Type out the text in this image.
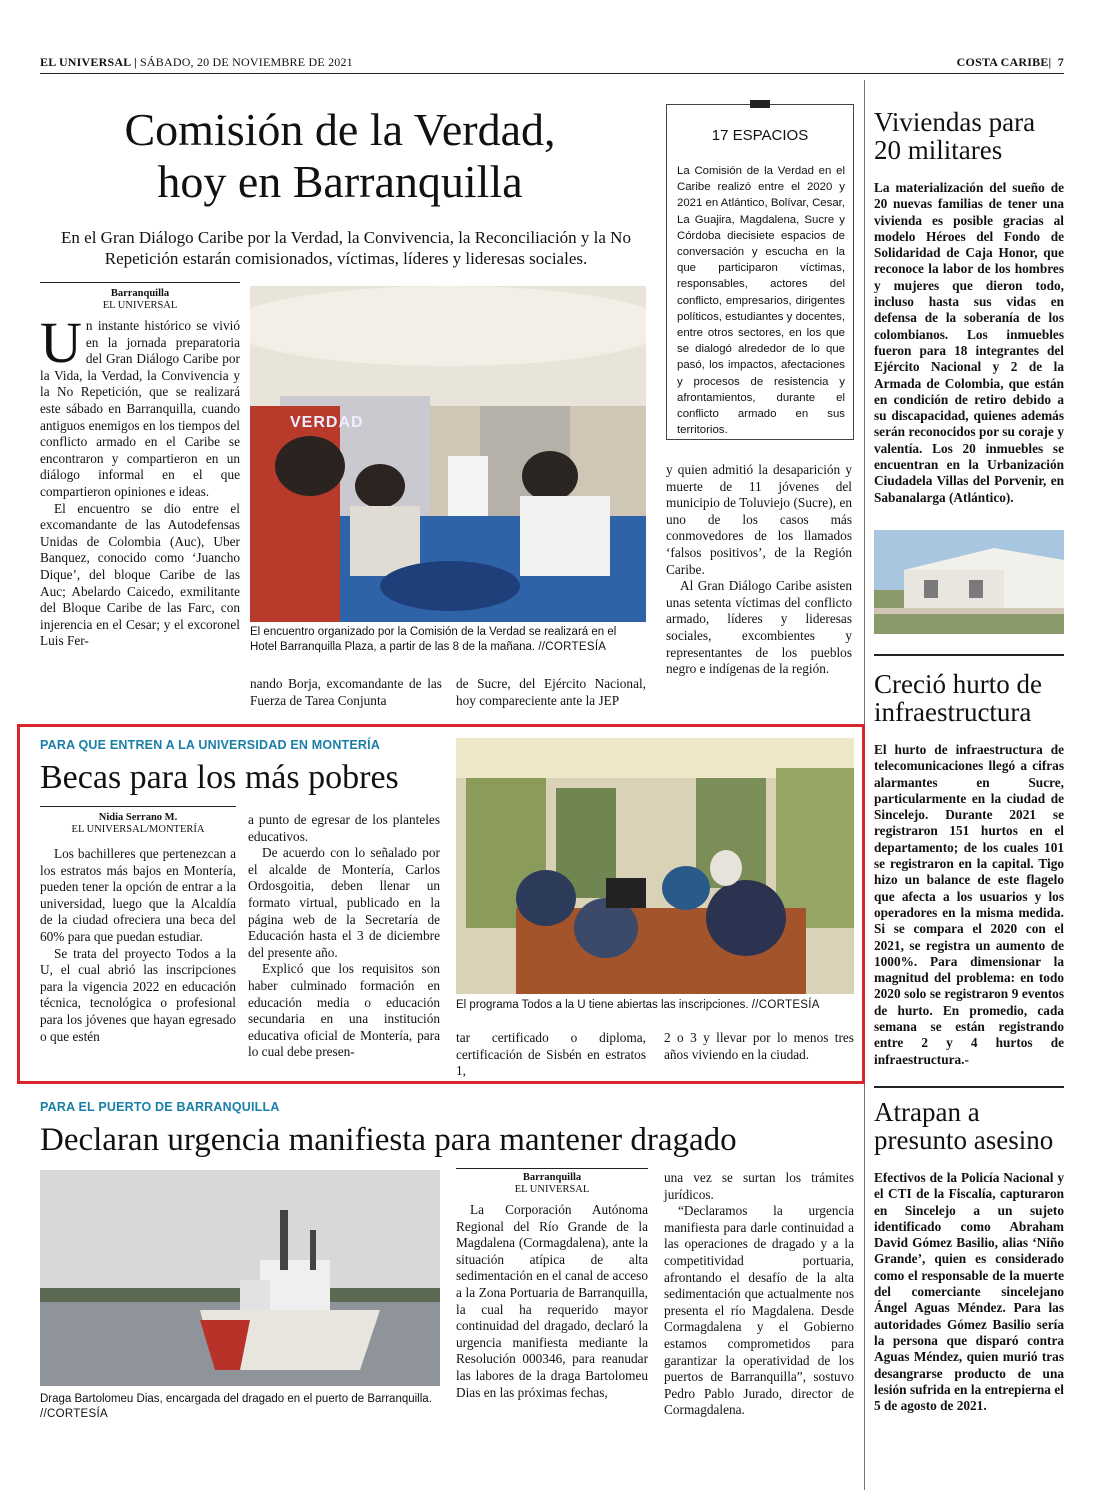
EL UNIVERSAL | SÁBADO, 20 DE NOVIEMBRE DE 2021	COSTA CARIBE|  7
Comisión de la Verdad,
hoy en Barranquilla
En el Gran Diálogo Caribe por la Verdad, la Convivencia, la Reconciliación y la No Repetición estarán comisionados, víctimas, líderes y lideresas sociales.
Barranquilla
EL UNIVERSAL

Un instante histórico se vivió en la jornada preparatoria del Gran Diálogo Caribe por la Vida, la Verdad, la Convivencia y la No Repetición, que se realizará este sábado en Barranquilla, cuando antiguos enemigos en los tiempos del conflicto armado en el Caribe se encontraron y compartieron en un diálogo informal en el que compartieron opiniones e ideas.

El encuentro se dio entre el excomandante de las Autodefensas Unidas de Colombia (Auc), Uber Banquez, conocido como ‘Juancho Dique’, del bloque Caribe de las Auc; Abelardo Caicedo, exmilitante del Bloque Caribe de las Farc, con injerencia en el Cesar; y el excoronel Luis Fer-

VERDAD
El encuentro organizado por la Comisión de la Verdad se realizará en el Hotel Barranquilla Plaza, a partir de las 8 de la mañana. //CORTESÍA
nando Borja, excomandante de las Fuerza de Tarea Conjunta
de Sucre, del Ejército Nacional, hoy compareciente ante la JEP
17 ESPACIOS
La Comisión de la Verdad en el Caribe realizó entre el 2020 y 2021 en Atlántico, Bolívar, Cesar, La Guajira, Magdalena, Sucre y Córdoba diecisiete espacios de conversación y escucha en la que participaron víctimas, responsables, actores del conflicto, empresarios, dirigentes políticos, estudiantes y docentes, entre otros sectores, en los que se dialogó alrededor de lo que pasó, los impactos, afectaciones y procesos de resistencia y afrontamientos, durante el conflicto armado en sus territorios.

y quien admitió la desaparición y muerte de 11 jóvenes del municipio de Toluviejo (Sucre), en uno de los casos más conmovedores de los llamados ‘falsos positivos’, de la Región Caribe.

Al Gran Diálogo Caribe asisten unas setenta víctimas del conflicto armado, líderes y lideresas sociales, excombientes y representantes de los pueblos negro e indígenas de la región.

Viviendas para
20 militares
La materialización del sueño de 20 nuevas familias de tener una vivienda es posible gracias al modelo Héroes del Fondo de Solidaridad de Caja Honor, que reconoce la labor de los hombres y mujeres que dieron todo, incluso hasta sus vidas en defensa de la soberanía de los colombianos. Los inmuebles fueron para 18 integrantes del Ejército Nacional y 2 de la Armada de Colombia, que están en condición de retiro debido a su discapacidad, quienes además serán reconocidos por su coraje y valentía. Los 20 inmuebles se encuentran en la Urbanización Ciudadela Villas del Porvenir, en Sabanalarga (Atlántico).
Creció hurto de
infraestructura
El hurto de infraestructura de telecomunicaciones llegó a cifras alarmantes en Sucre, particularmente en la ciudad de Sincelejo. Durante 2021 se registraron 151 hurtos en el departamento; de los cuales 101 se registraron en la capital. Tigo hizo un balance de este flagelo que afecta a los usuarios y los operadores en la misma medida. Si se compara el 2020 con el 2021, se registra un aumento de 1000%. Para dimensionar la magnitud del problema: en todo 2020 solo se registraron 9 eventos de hurto. En promedio, cada semana se están registrando entre 2 y 4 hurtos de infraestructura.-
Atrapan a
presunto asesino
Efectivos de la Policía Nacional y el CTI de la Fiscalía, capturaron en Sincelejo a un sujeto identificado como Abraham David Gómez Basilio, alias ‘Niño Grande’, quien es considerado como el responsable de la muerte del comerciante sincelejano Ángel Aguas Méndez. Para las autoridades Gómez Basilio sería la persona que disparó contra Aguas Méndez, quien murió tras desangrarse producto de una lesión sufrida en la entrepierna el 5 de agosto de 2021.
PARA QUE ENTREN A LA UNIVERSIDAD EN MONTERÍA
Becas para los más pobres
Nidia Serrano M.
EL UNIVERSAL/MONTERÍA

Los bachilleres que pertenezcan a los estratos más bajos en Montería, pueden tener la opción de entrar a la universidad, luego que la Alcaldía de la ciudad ofreciera una beca del 60% para que puedan estudiar.

Se trata del proyecto Todos a la U, el cual abrió las inscripciones para la vigencia 2022 en educación técnica, tecnológica o profesional para los jóvenes que hayan egresado o que estén

a punto de egresar de los planteles educativos.

De acuerdo con lo señalado por el alcalde de Montería, Carlos Ordosgoitia, deben llenar un formato virtual, publicado en la página web de la Secretaría de Educación hasta el 3 de diciembre del presente año.

Explicó que los requisitos son haber culminado formación en educación media o educación secundaria en una institución educativa oficial de Montería, para lo cual debe presen-

El programa Todos a la U tiene abiertas las inscripciones. //CORTESÍA
tar certificado o diploma, certificación de Sisbén en estratos 1,
2 o 3 y llevar por lo menos tres años viviendo en la ciudad.
PARA EL PUERTO DE BARRANQUILLA
Declaran urgencia manifiesta para mantener dragado
Draga Bartolomeu Dias, encargada del dragado en el puerto de Barranquilla. //CORTESÍA
Barranquilla
EL UNIVERSAL

La Corporación Autónoma Regional del Río Grande de la Magdalena (Cormagdalena), ante la situación atípica de alta sedimentación en el canal de acceso a la Zona Portuaria de Barranquilla, la cual ha requerido mayor continuidad del dragado, declaró la urgencia manifiesta mediante la Resolución 000346, para reanudar las labores de la draga Bartolomeu Dias en las próximas fechas,

una vez se surtan los trámites jurídicos.

“Declaramos la urgencia manifiesta para darle continuidad a las operaciones de dragado y a la competitividad portuaria, afrontando el desafío de la alta sedimentación que actualmente nos presenta el río Magdalena. Desde Cormagdalena y el Gobierno estamos comprometidos para garantizar la operatividad de los puertos de Barranquilla”, sostuvo Pedro Pablo Jurado, director de Cormagdalena.
